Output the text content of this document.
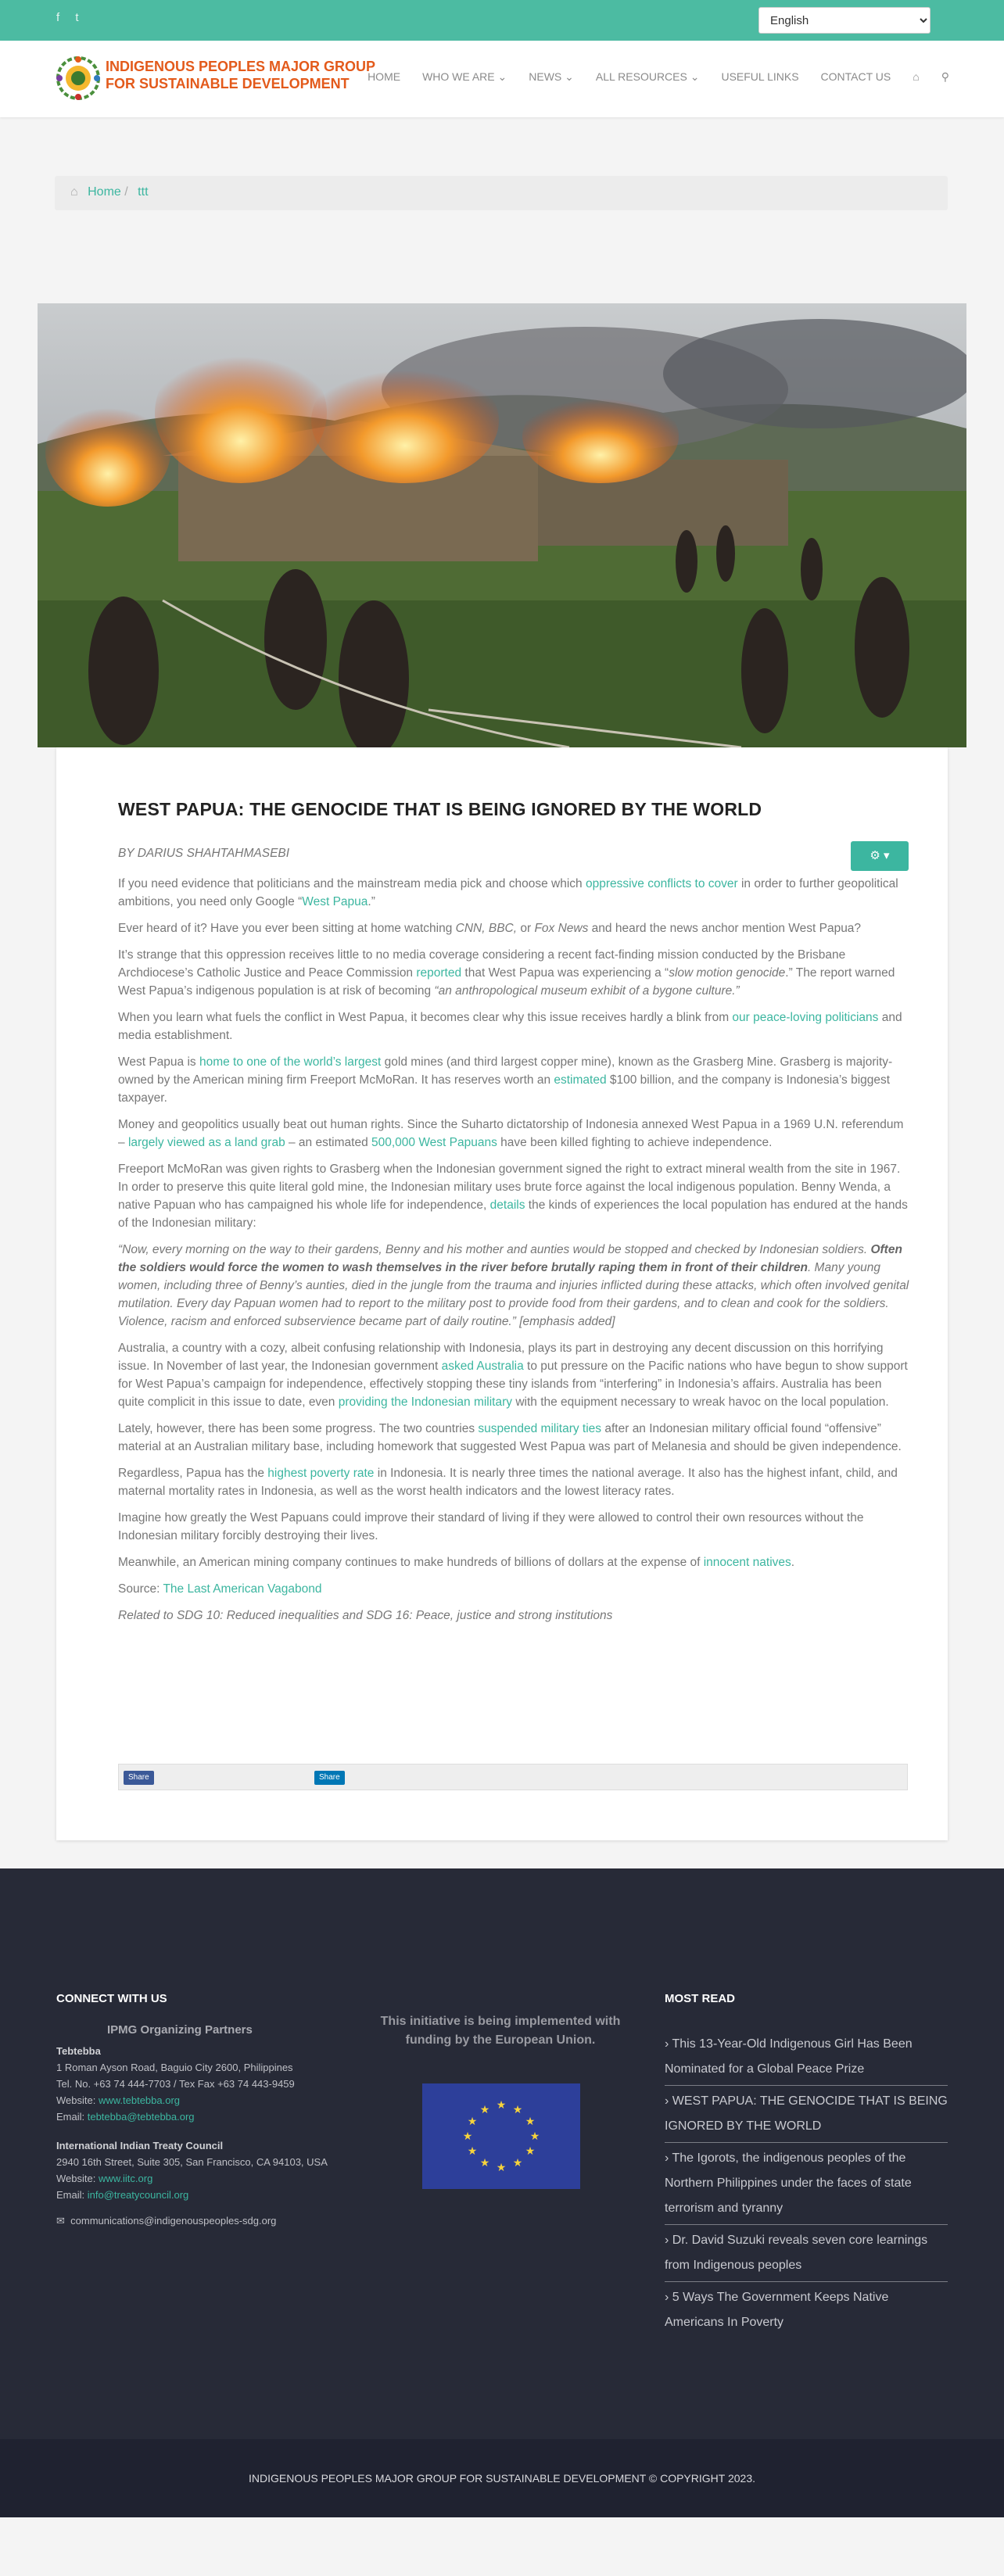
f t
English
INDIGENOUS PEOPLES MAJOR GROUP
FOR SUSTAINABLE DEVELOPMENT	HOME WHO WE ARE ⌄ NEWS ⌄ ALL RESOURCES ⌄ USEFUL LINKS CONTACT US ⌂ ⚲
⌂ Home / ttt
WEST PAPUA: THE GENOCIDE THAT IS BEING IGNORED BY THE WORLD
⚙ ▾

BY DARIUS SHAHTAHMASEBI

If you need evidence that politicians and the mainstream media pick and choose which oppressive conflicts to cover in order to further geopolitical ambitions, you need only Google “West Papua.”

Ever heard of it? Have you ever been sitting at home watching CNN, BBC, or Fox News and heard the news anchor mention West Papua?

It’s strange that this oppression receives little to no media coverage considering a recent fact-finding mission conducted by the Brisbane Archdiocese’s Catholic Justice and Peace Commission reported that West Papua was experiencing a “slow motion genocide.” The report warned West Papua’s indigenous population is at risk of becoming “an anthropological museum exhibit of a bygone culture.”

When you learn what fuels the conflict in West Papua, it becomes clear why this issue receives hardly a blink from our peace-loving politicians and media establishment.

West Papua is home to one of the world’s largest gold mines (and third largest copper mine), known as the Grasberg Mine. Grasberg is majority-owned by the American mining firm Freeport McMoRan. It has reserves worth an estimated $100 billion, and the company is Indonesia’s biggest taxpayer.

Money and geopolitics usually beat out human rights. Since the Suharto dictatorship of Indonesia annexed West Papua in a 1969 U.N. referendum – largely viewed as a land grab – an estimated 500,000 West Papuans have been killed fighting to achieve independence.

Freeport McMoRan was given rights to Grasberg when the Indonesian government signed the right to extract mineral wealth from the site in 1967. In order to preserve this quite literal gold mine, the Indonesian military uses brute force against the local indigenous population. Benny Wenda, a native Papuan who has campaigned his whole life for independence, details the kinds of experiences the local population has endured at the hands of the Indonesian military:

“Now, every morning on the way to their gardens, Benny and his mother and aunties would be stopped and checked by Indonesian soldiers. Often the soldiers would force the women to wash themselves in the river before brutally raping them in front of their children. Many young women, including three of Benny’s aunties, died in the jungle from the trauma and injuries inflicted during these attacks, which often involved genital mutilation. Every day Papuan women had to report to the military post to provide food from their gardens, and to clean and cook for the soldiers. Violence, racism and enforced subservience became part of daily routine.” [emphasis added]

Australia, a country with a cozy, albeit confusing relationship with Indonesia, plays its part in destroying any decent discussion on this horrifying issue. In November of last year, the Indonesian government asked Australia to put pressure on the Pacific nations who have begun to show support for West Papua’s campaign for independence, effectively stopping these tiny islands from “interfering” in Indonesia’s affairs. Australia has been quite complicit in this issue to date, even providing the Indonesian military with the equipment necessary to wreak havoc on the local population.

Lately, however, there has been some progress. The two countries suspended military ties after an Indonesian military official found “offensive” material at an Australian military base, including homework that suggested West Papua was part of Melanesia and should be given independence.

Regardless, Papua has the highest poverty rate in Indonesia. It is nearly three times the national average. It also has the highest infant, child, and maternal mortality rates in Indonesia, as well as the worst health indicators and the lowest literacy rates.

Imagine how greatly the West Papuans could improve their standard of living if they were allowed to control their own resources without the Indonesian military forcibly destroying their lives.

Meanwhile, an American mining company continues to make hundreds of billions of dollars at the expense of innocent natives.

Source: The Last American Vagabond

Related to SDG 10: Reduced inequalities and SDG 16: Peace, justice and strong institutions

Share	Share
CONNECT WITH US
IPMG Organizing Partners
Tebtebba
1 Roman Ayson Road, Baguio City 2600, Philippines
Tel. No. +63 74 444-7703 / Tex Fax +63 74 443-9459
Website: www.tebtebba.org
Email: tebtebba@tebtebba.org
International Indian Treaty Council
2940 16th Street, Suite 305, San Francisco, CA 94103, USA
Website: www.iitc.org
Email: info@treatycouncil.org
✉ communications@indigenouspeoples-sdg.org
This initiative is being implemented with funding by the European Union.
★ ★
★
★
★
★
★
★
★
★
★
★
MOST READ
› This 13-Year-Old Indigenous Girl Has Been Nominated for a Global Peace Prize
› WEST PAPUA: THE GENOCIDE THAT IS BEING IGNORED BY THE WORLD
› The Igorots, the indigenous peoples of the Northern Philippines under the faces of state terrorism and tyranny
› Dr. David Suzuki reveals seven core learnings from Indigenous peoples
› 5 Ways The Government Keeps Native Americans In Poverty
INDIGENOUS PEOPLES MAJOR GROUP FOR SUSTAINABLE DEVELOPMENT © COPYRIGHT 2023.
